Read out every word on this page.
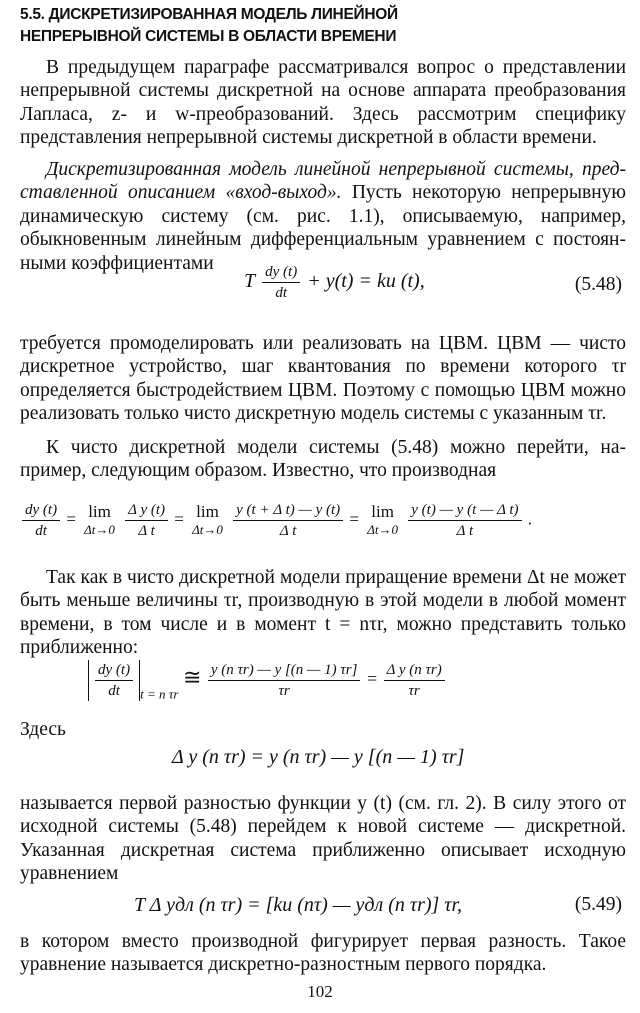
5.5. ДИСКРЕТИЗИРОВАННАЯ МОДЕЛЬ ЛИНЕЙНОЙ
НЕПРЕРЫВНОЙ СИСТЕМЫ В ОБЛАСТИ ВРЕМЕНИ
В предыдущем параграфе рассматривался вопрос о представлении непрерывной системы дискретной на основе аппарата преобразования Лапласа, z- и w-преобразований. Здесь рассмотрим специфику представления непрерывной системы дискретной в области времени.
Дискретизированная модель линейной непрерывной системы, представленной описанием «вход-выход». Пусть некоторую непрерывную динамическую систему (см. рис. 1.1), описываемую, например, обыкновенным линейным дифференциальным уравнением с постоянными коэффициентами
T $\frac{dy (t)}{dt} + y(t)$ = ku (t),	(5.48)
требуется промоделировать или реализовать на ЦВМ. ЦВМ — чисто дискретное устройство, шаг квантования по времени которого τr определяется быстродействием ЦВМ. Поэтому с помощью ЦВМ можно реализовать только чисто дискретную модель системы с указанным τr.
К чисто дискретной модели системы (5.48) можно перейти, например, следующим образом. Известно, что производная
$\frac{dy (t)}{dt} = \lim$
Δt→0
$\frac{\text{Δ y (t)}}{\text{Δ t}} = \lim$
Δt→0
$\frac{\text{y (t + Δ t) — y (t)}}{\text{Δ t}} = \lim$
Δt→0
$\frac{\text{y (t) — y (t — Δ t)}}{\text{Δ t}}$ .
Так как в чисто дискретной модели приращение времени Δt не может быть меньше величины τr, производную в этой модели в любой момент времени, в том числе и в момент t = nτr, можно представить только приближенно:
$\frac{dy (t)}{dt} _{t = n \tau r}$ ≅ $\frac{\text{y (n τr) — y [(n — 1) τr]}}{\tau r} = \frac{\text{Δ y (n τr)}}{\tau r}$
Здесь
Δ y (n τr) = y (n τr) — y [(n — 1) τr]
называется первой разностью функции y (t) (см. гл. 2). В силу этого от исходной системы (5.48) перейдем к новой системе — дискретной. Указанная дискретная система приближенно описывает исходную уравнением
T Δ yдл (n τr) = [ku (nτ) — yдл (n τr)] τr,	(5.49)
в котором вместо производной фигурирует первая разность. Такое уравнение называется дискретно-разностным первого порядка.
102
